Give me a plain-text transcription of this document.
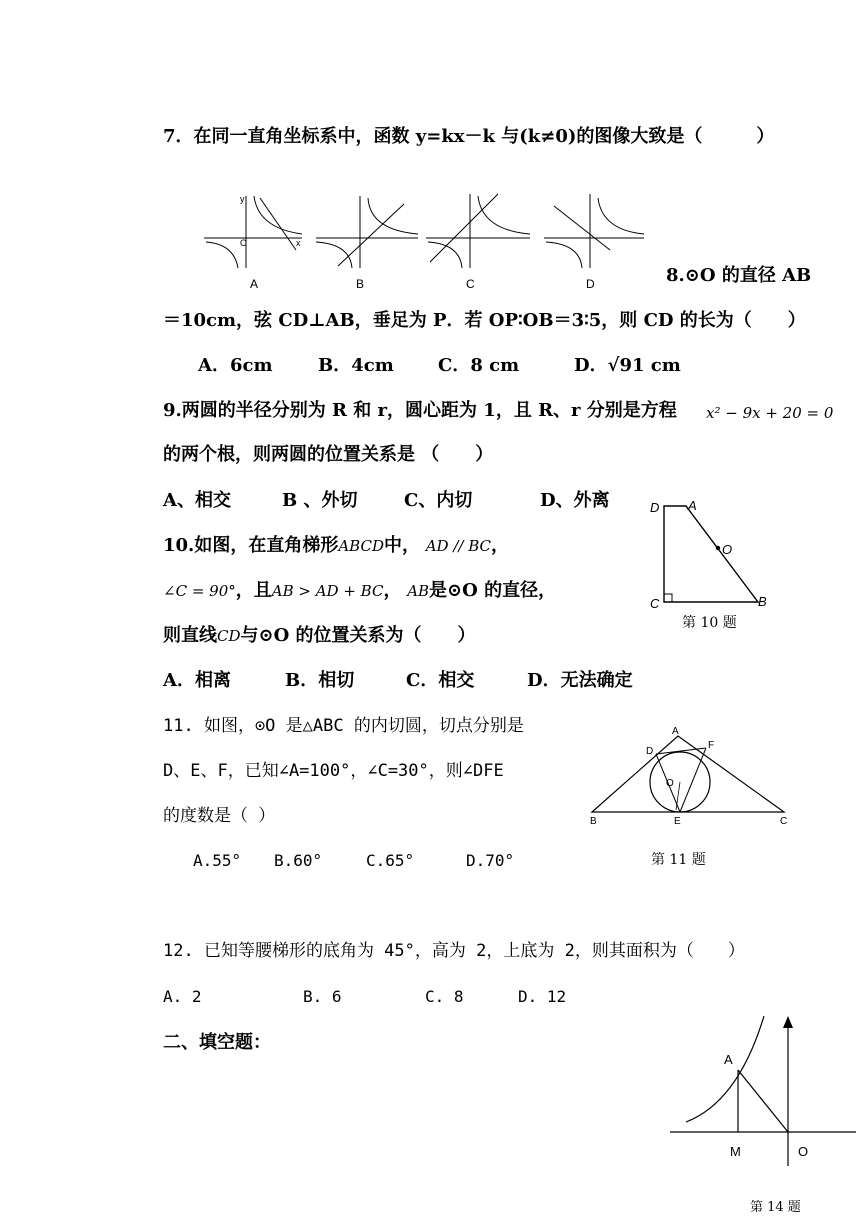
7．在同一直角坐标系中，函数 y=kx－k 与(k≠0)的图像大致是（　　　）
A	B	C	D
y
x
O
8.⊙O 的直径 AB
＝10cm，弦 CD⊥AB，垂足为 P．若 OP∶OB＝3∶5，则 CD 的长为（　　）
A．6cm	B．4cm C．8 cm	D．√91 cm
9.两圆的半径分别为 R 和 r，圆心距为 1，且 R、r 分别是方程 x² − 9x + 20 = 0
的两个根，则两圆的位置关系是 （　　）
A、相交	B 、外切	C、内切	D、外离
10.如图，在直角梯形ABCD中， AD // BC，
∠C = 90°，且AB > AD + BC， AB是⊙O 的直径，
则直线CD与⊙O 的位置关系为（　　）
A．相离	B．相切	C．相交	D．无法确定
D A
O
C	B
第 10 题
11. 如图，⊙O 是△ABC 的内切圆，切点分别是
D、E、F，已知∠A=100°，∠C=30°，则∠DFE
的度数是（ ）
A.55° B.60°	C.65°	D.70°
A
D
F
O
B	E	C
第 11 题
12. 已知等腰梯形的底角为 45°，高为 2，上底为 2，则其面积为（　　）
A. 2	B. 6	C. 8	D. 12
二、填空题：
A
M	O
第 14 题
